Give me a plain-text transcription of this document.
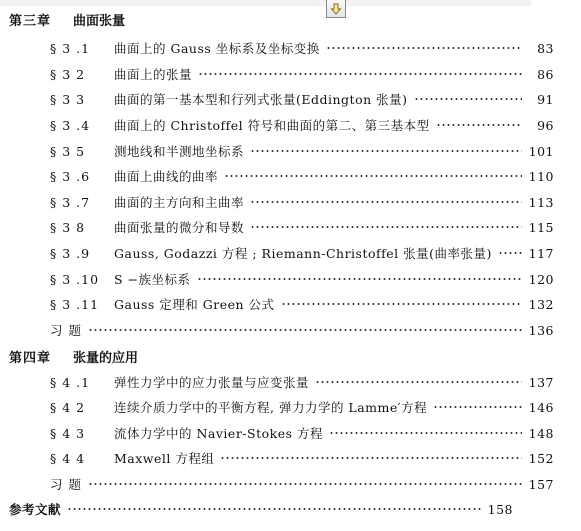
第三章 曲面张量
§ 3 .1	曲面上的 Gauss 坐标系及坐标变换	83
§ 3 2	曲面上的张量	86
§ 3 3	曲面的第一基本型和行列式张量(Eddington 张量)	91
§ 3 .4	曲面上的 Christoffel 符号和曲面的第二、第三基本型	96
§ 3 5	测地线和半测地坐标系	101
§ 3 .6	曲面上曲线的曲率	110
§ 3 .7	曲面的主方向和主曲率	113
§ 3 8	曲面张量的微分和导数	115
§ 3 .9	Gauss, Godazzi 方程 ; Riemann-Christoffel 张量(曲率张量)	117
§ 3 .10	S −族坐标系	120
§ 3 .11	Gauss 定理和 Green 公式	132
习 题	136
第四章 张量的应用
§ 4 .1	弹性力学中的应力张量与应变张量	137
§ 4 2	连续介质力学中的平衡方程, 弹力力学的 Lamme′方程	146
§ 4 3	流体力学中的 Navier-Stokes 方程	148
§ 4 4	Maxwell 方程组	152
习 题	157
参考文献	158
